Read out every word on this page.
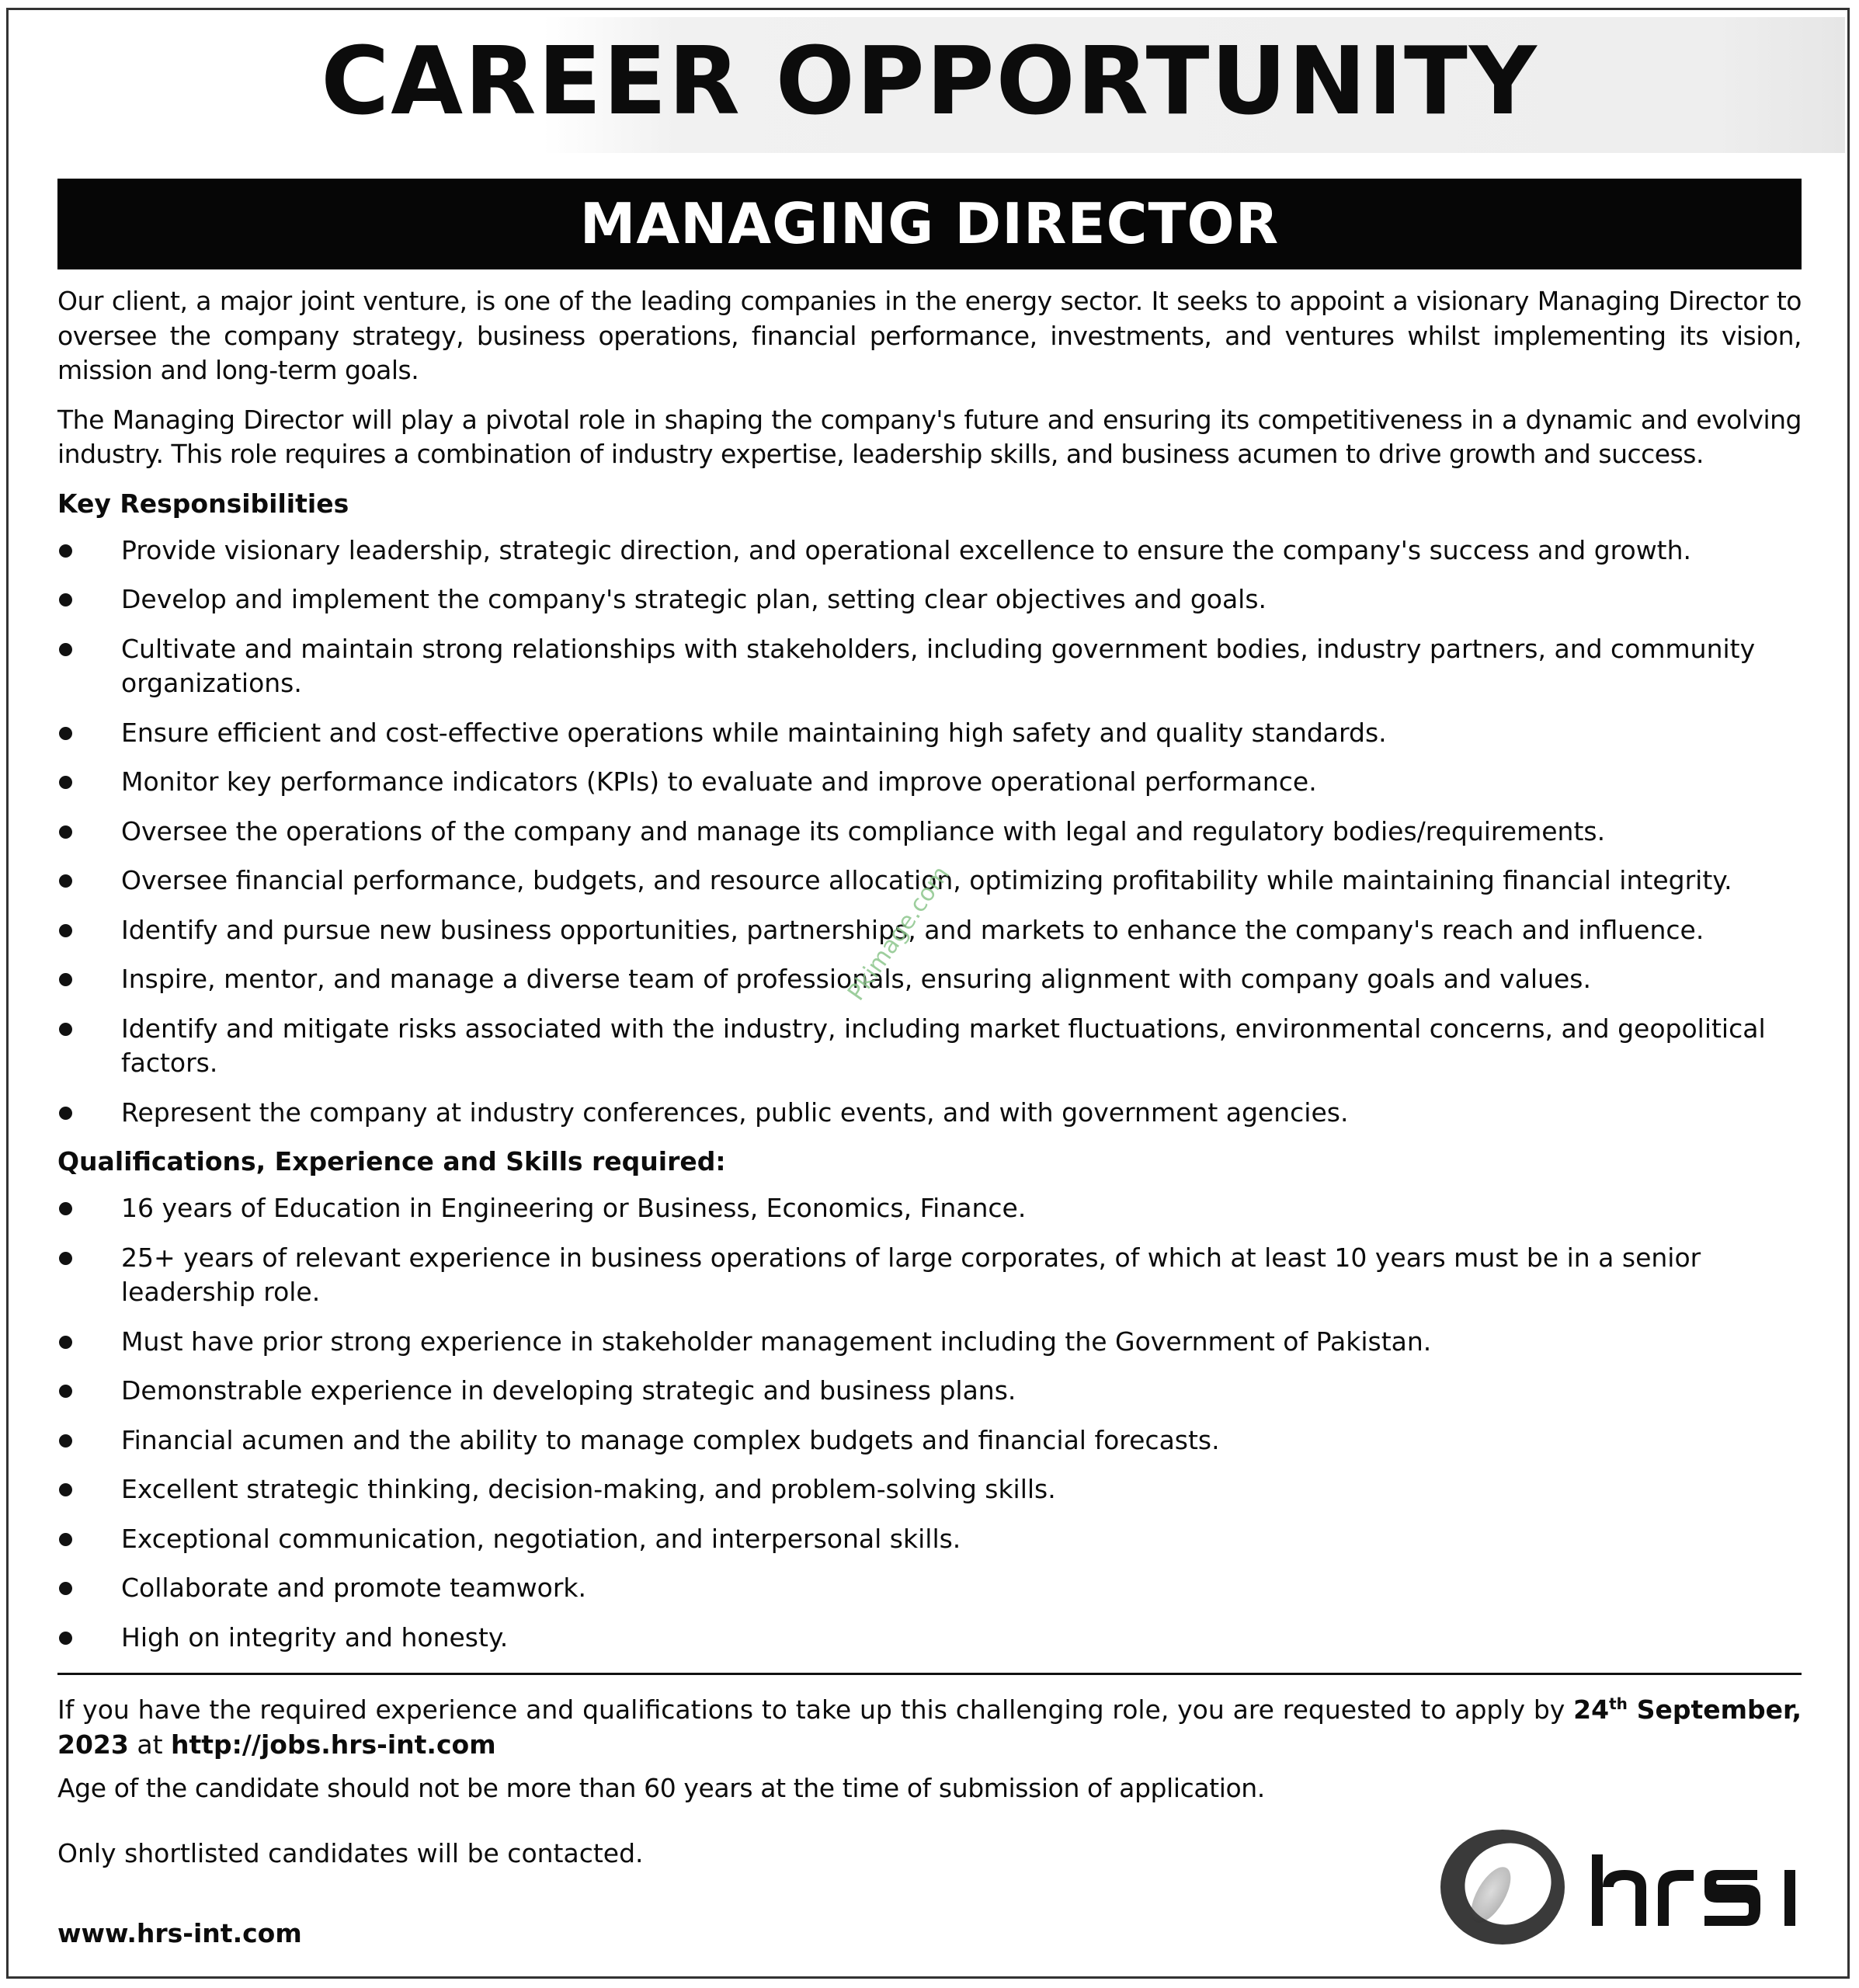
CAREER OPPORTUNITY
MANAGING DIRECTOR

Our client, a major joint venture, is one of the leading companies in the energy sector. It seeks to appoint a visionary Managing Director to oversee the company strategy, business operations, financial performance, investments, and ventures whilst implementing its vision, mission and long-term goals.

The Managing Director will play a pivotal role in shaping the company's future and ensuring its competitiveness in a dynamic and evolving industry. This role requires a combination of industry expertise, leadership skills, and business acumen to drive growth and success.

Key Responsibilities
Provide visionary leadership, strategic direction, and operational excellence to ensure the company's success and growth.
Develop and implement the company's strategic plan, setting clear objectives and goals.
Cultivate and maintain strong relationships with stakeholders, including government bodies, industry partners, and community organizations.
Ensure efficient and cost-effective operations while maintaining high safety and quality standards.
Monitor key performance indicators (KPIs) to evaluate and improve operational performance.
Oversee the operations of the company and manage its compliance with legal and regulatory bodies/requirements.
Oversee financial performance, budgets, and resource allocation, optimizing profitability while maintaining financial integrity.
Identify and pursue new business opportunities, partnerships, and markets to enhance the company's reach and influence.
Inspire, mentor, and manage a diverse team of professionals, ensuring alignment with company goals and values.
Identify and mitigate risks associated with the industry, including market fluctuations, environmental concerns, and geopolitical factors.
Represent the company at industry conferences, public events, and with government agencies.
Qualifications, Experience and Skills required:
16 years of Education in Engineering or Business, Economics, Finance.
25+ years of relevant experience in business operations of large corporates, of which at least 10 years must be in a senior leadership role.
Must have prior strong experience in stakeholder management including the Government of Pakistan.
Demonstrable experience in developing strategic and business plans.
Financial acumen and the ability to manage complex budgets and financial forecasts.
Excellent strategic thinking, decision-making, and problem-solving skills.
Exceptional communication, negotiation, and interpersonal skills.
Collaborate and promote teamwork.
High on integrity and honesty.

If you have the required experience and qualifications to take up this challenging role, you are requested to apply by 24th September, 2023 at http://jobs.hrs-int.com

Age of the candidate should not be more than 60 years at the time of submission of application.

Only shortlisted candidates will be contacted.

www.hrs-int.com
Pkimage.com
